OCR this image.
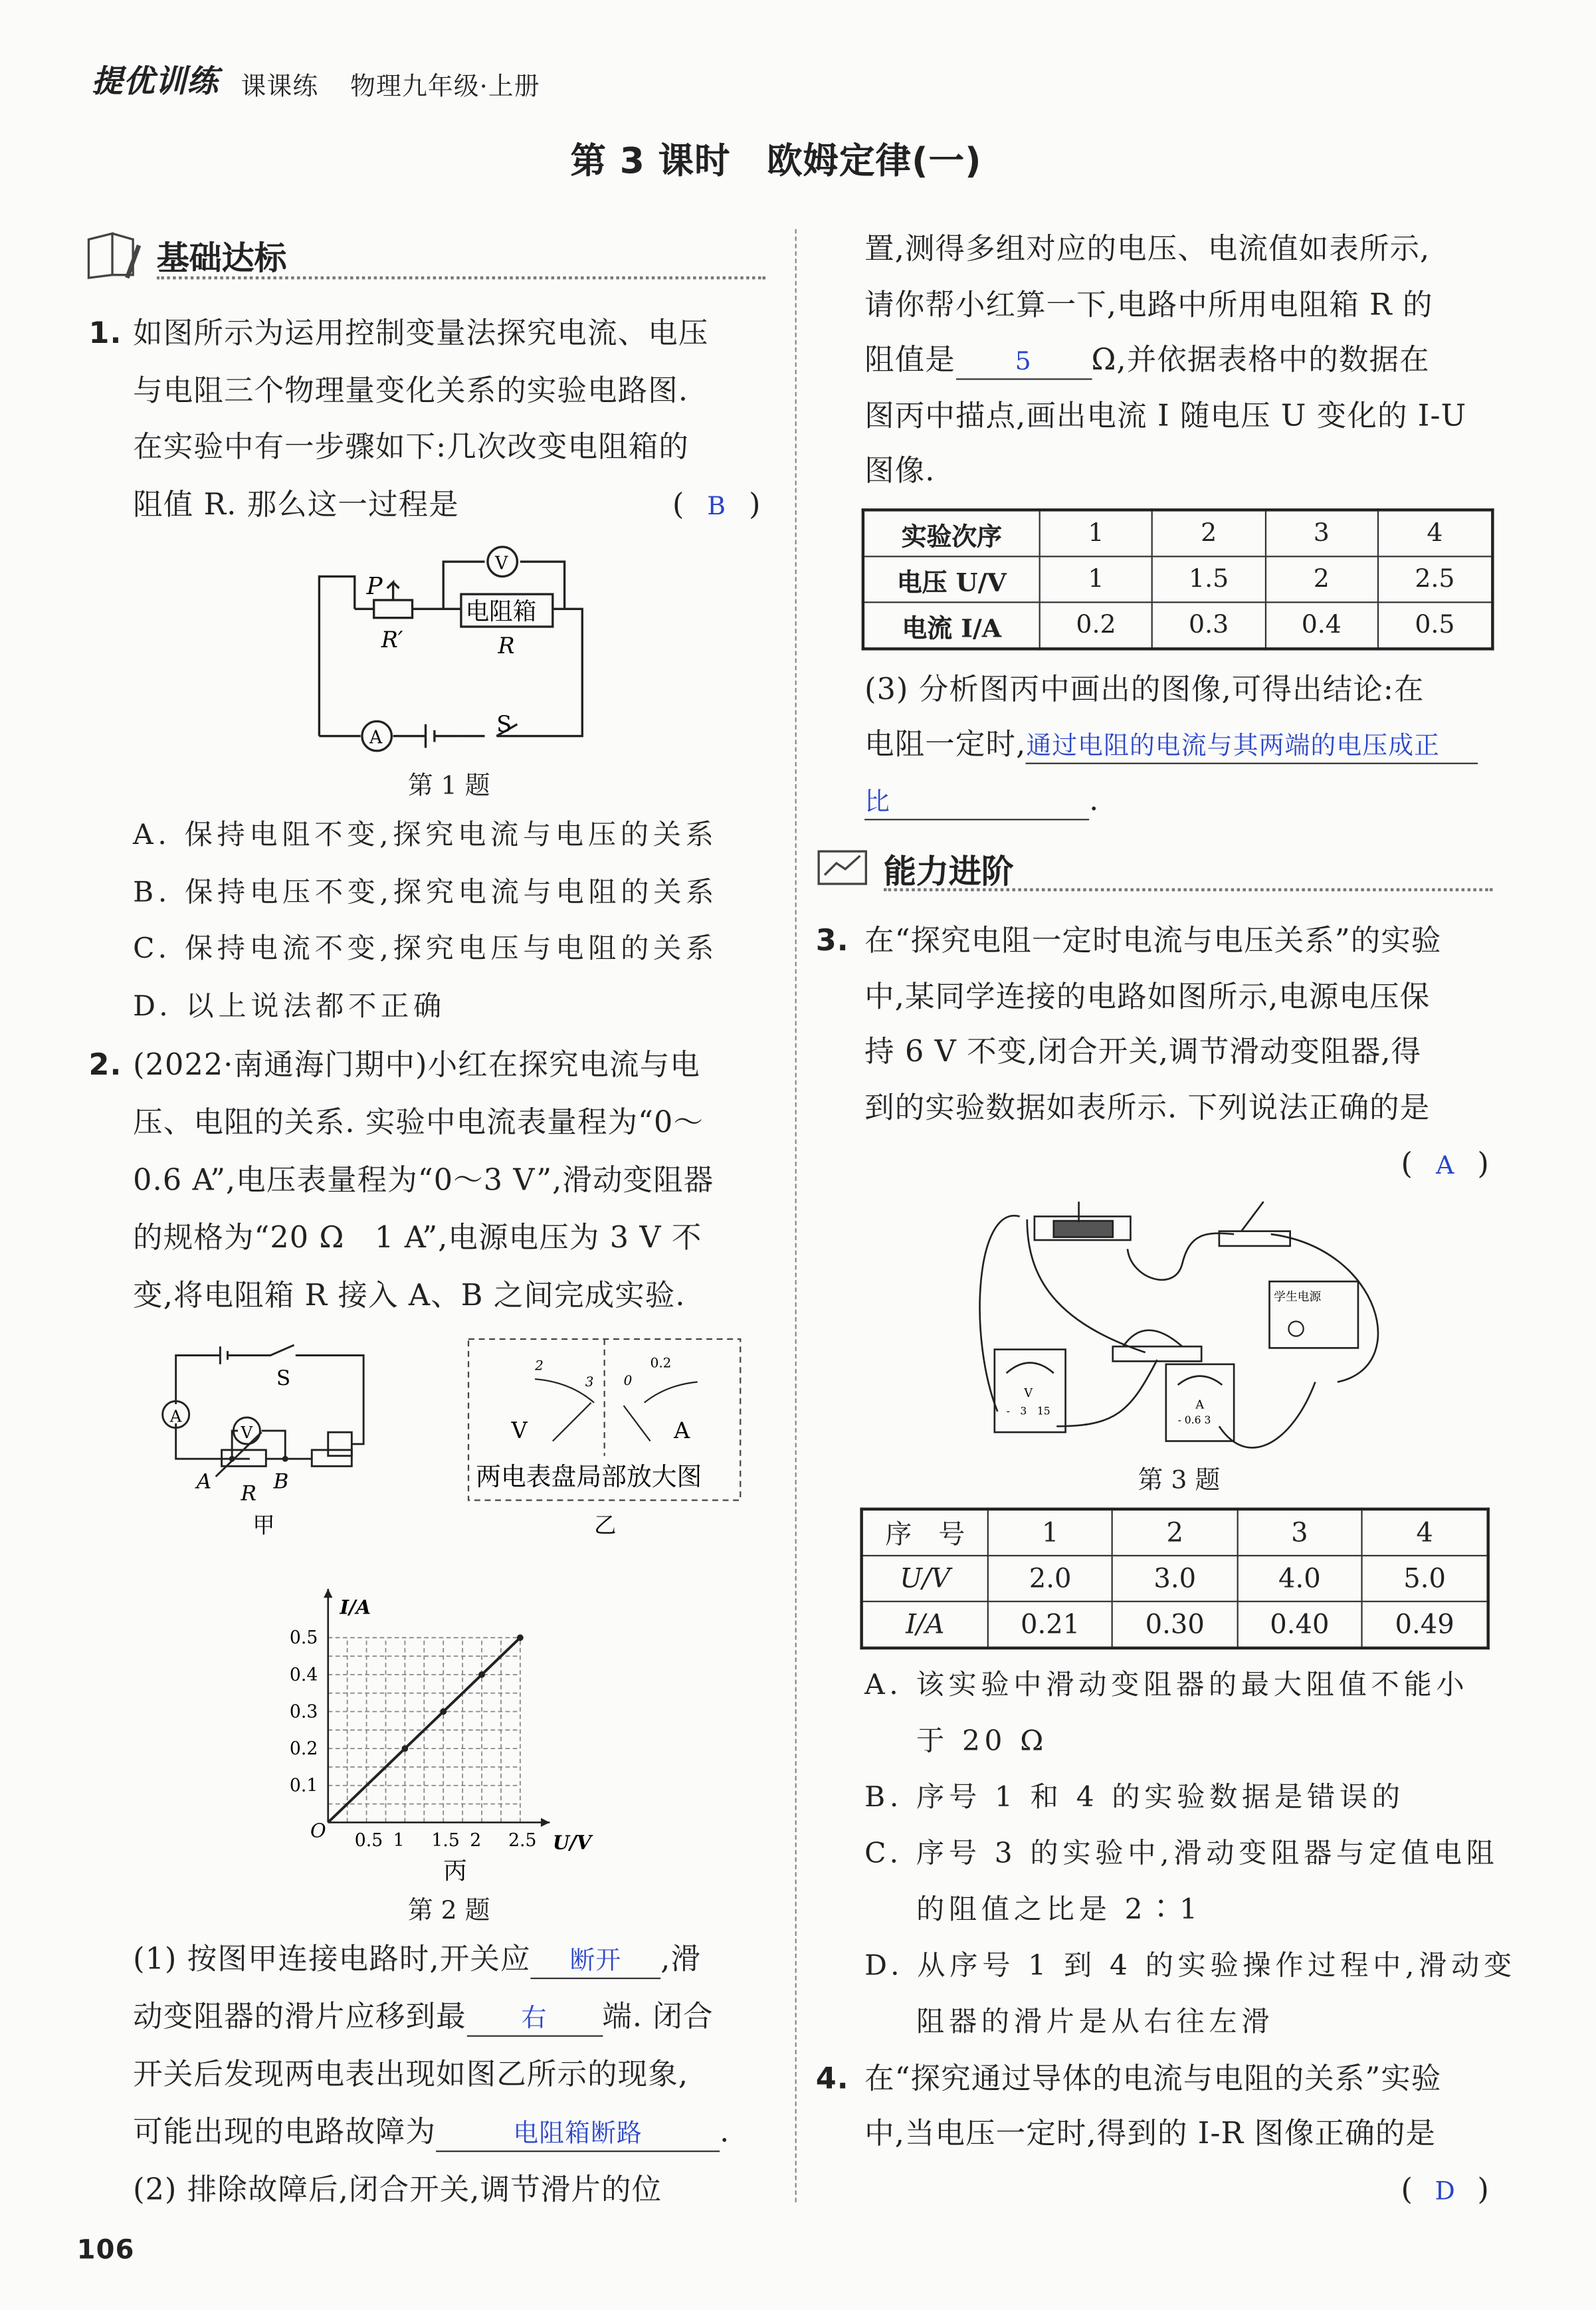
提优训练 课课练	物理九年级·上册
第 3 课时　欧姆定律(一)
基础达标
1. 如图所示为运用控制变量法探究电流、电压
与电阻三个物理量变化关系的实验电路图.
在实验中有一步骤如下:几次改变电阻箱的
阻值 R. 那么这一过程是	( B )
P
R′
电阻箱
R
V
A
S
第 1 题
A. 保持电阻不变,探究电流与电压的关系
B. 保持电压不变,探究电流与电阻的关系
C. 保持电流不变,探究电压与电阻的关系
D. 以上说法都不正确
2. (2022·南通海门期中)小红在探究电流与电
压、电阻的关系. 实验中电流表量程为“0～
0.6 A”,电压表量程为“0～3 V”,滑动变阻器
的规格为“20 Ω　1 A”,电源电压为 3 V 不
变,将电阻箱 R 接入 A、B 之间完成实验.
A
V
S
A	B
R
甲
2
3	0
0.2
V	A
两电表盘局部放大图
乙
0.5 1	1.5 2	2.5
0.1
0.2
0.3
0.4
0.5
O
I/A
U/V
丙
第 2 题
(1) 按图甲连接电路时,开关应	断开	,滑
动变阻器的滑片应移到最	右	端. 闭合
开关后发现两电表出现如图乙所示的现象,
可能出现的电路故障为	电阻箱断路	.
(2) 排除故障后,闭合开关,调节滑片的位
置,测得多组对应的电压、电流值如表所示,
请你帮小红算一下,电路中所用电阻箱 R 的
阻值是	5	Ω,并依据表格中的数据在
图丙中描点,画出电流 I 随电压 U 变化的 I-U
图像.
实验次序	1	2	3	4
电压 U/V	1	1.5	2	2.5
电流 I/A	0.2	0.3	0.4	0.5
(3) 分析图丙中画出的图像,可得出结论:在
电阻一定时,通过电阻的电流与其两端的电压成正
比	.
能力进阶
3. 在“探究电阻一定时电流与电压关系”的实验
中,某同学连接的电路如图所示,电源电压保
持 6 V 不变,闭合开关,调节滑动变阻器,得
到的实验数据如表所示. 下列说法正确的是
( A )
学生电源
V
-　3　15	A
- 0.6 3
第 3 题
序　号	1	2	3	4
U/V	2.0	3.0	4.0	5.0
I/A	0.21	0.30	0.40	0.49
A. 该实验中滑动变阻器的最大阻值不能小
于 20 Ω
B. 序号 1 和 4 的实验数据是错误的
C. 序号 3 的实验中,滑动变阻器与定值电阻
的阻值之比是 2∶1
D. 从序号 1 到 4 的实验操作过程中,滑动变
阻器的滑片是从右往左滑
4. 在“探究通过导体的电流与电阻的关系”实验
中,当电压一定时,得到的 I-R 图像正确的是
( D )
106
